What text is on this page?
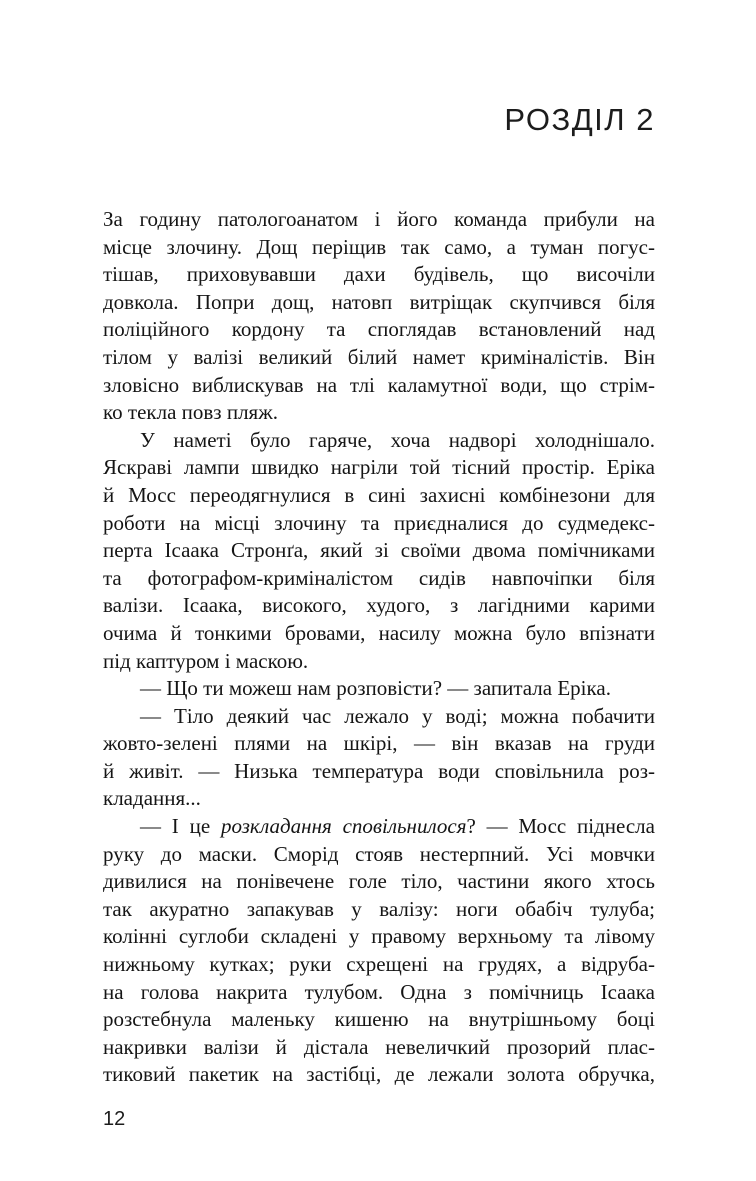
РОЗДІЛ 2
За годину патологоанатом і його команда прибули на
місце злочину. Дощ періщив так само, а туман погус-
тішав, приховувавши дахи будівель, що височіли
довкола. Попри дощ, натовп витріщак скупчився біля
поліційного кордону та споглядав встановлений над
тілом у валізі великий білий намет криміналістів. Він
зловісно виблискував на тлі каламутної води, що стрім-
ко текла повз пляж.
У наметі було гаряче, хоча надворі холоднішало.
Яскраві лампи швидко нагріли той тісний простір. Еріка
й Мосс переодягнулися в сині захисні комбінезони для
роботи на місці злочину та приєдналися до судмедекс-
перта Ісаака Стронґа, який зі своїми двома помічниками
та фотографом-криміналістом сидів навпочіпки біля
валізи. Ісаака, високого, худого, з лагідними карими
очима й тонкими бровами, насилу можна було впізнати
під каптуром і маскою.
— Що ти можеш нам розповісти? — запитала Еріка.
— Тіло деякий час лежало у воді; можна побачити
жовто-зелені плями на шкірі, — він вказав на груди
й живіт. — Низька температура води сповільнила роз-
кладання...
— І це розкладання сповільнилося? — Мосс піднесла
руку до маски. Сморід стояв нестерпний. Усі мовчки
дивилися на понівечене голе тіло, частини якого хтось
так акуратно запакував у валізу: ноги обабіч тулуба;
колінні суглоби складені у правому верхньому та лівому
нижньому кутках; руки схрещені на грудях, а відруба-
на голова накрита тулубом. Одна з помічниць Ісаака
розстебнула маленьку кишеню на внутрішньому боці
накривки валізи й дістала невеличкий прозорий плас-
тиковий пакетик на застібці, де лежали золота обручка,
12
